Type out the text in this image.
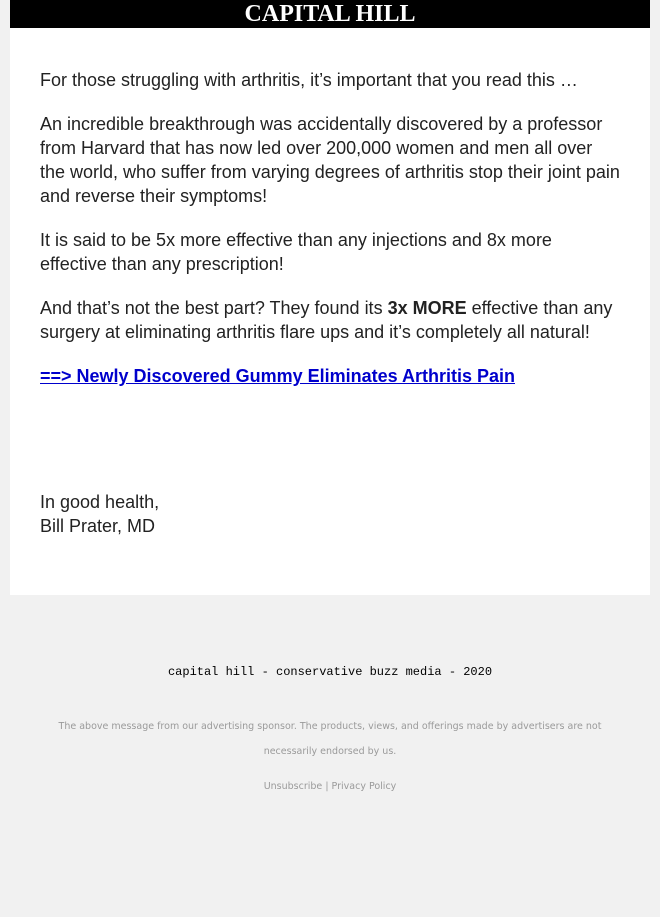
CAPITAL HILL

For those struggling with arthritis, it’s important that you read this …

An incredible breakthrough was accidentally discovered by a professor from Harvard that has now led over 200,000 women and men all over the world, who suffer from varying degrees of arthritis stop their joint pain and reverse their symptoms!

It is said to be 5x more effective than any injections and 8x more effective than any prescription!

And that’s not the best part? They found its 3x MORE effective than any surgery at eliminating arthritis flare ups and it’s completely all natural!

==> Newly Discovered Gummy Eliminates Arthritis Pain

In good health,
Bill Prater, MD
capital hill - conservative buzz media - 2020
The above message from our advertising sponsor. The products, views, and offerings made by advertisers are not necessarily endorsed by us.
Unsubscribe | Privacy Policy
